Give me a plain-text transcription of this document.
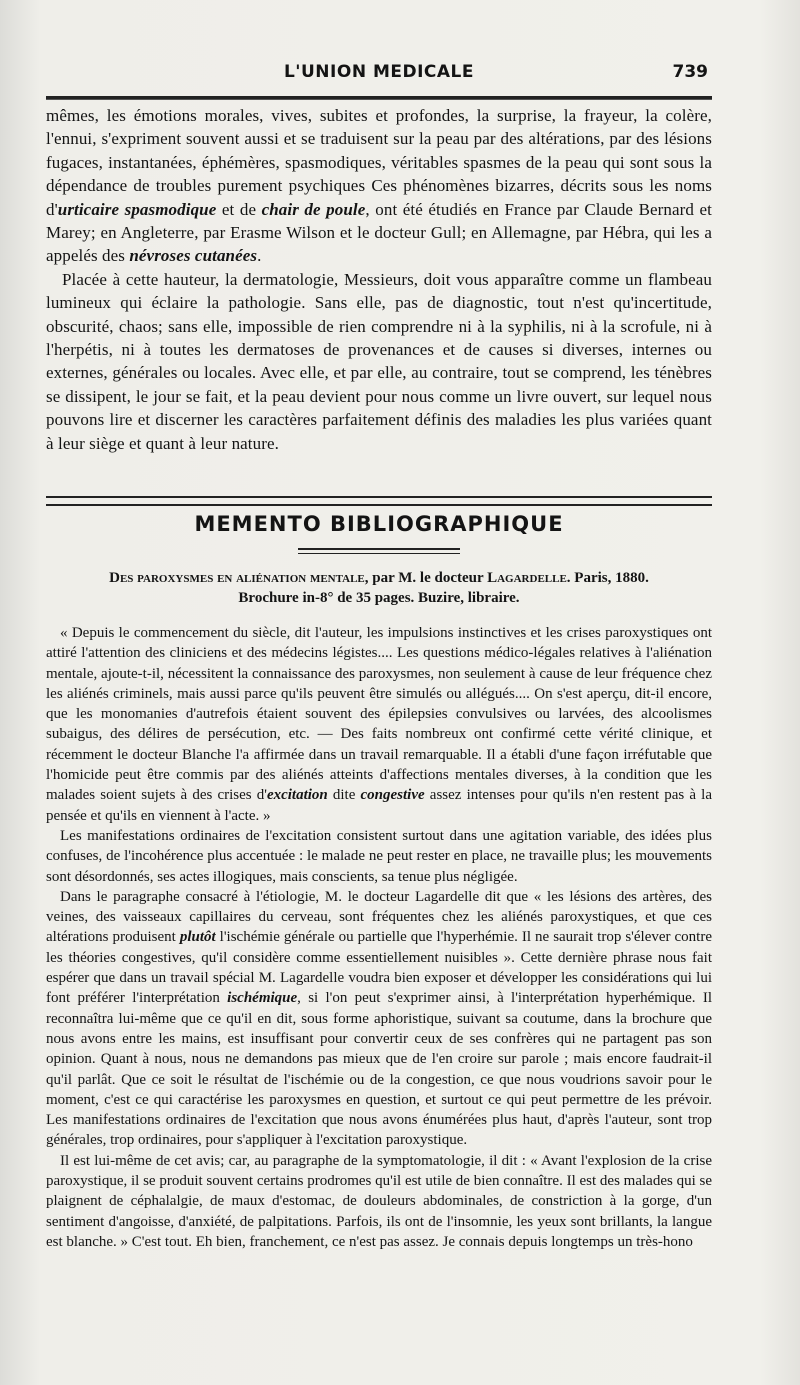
L'UNION MEDICALE	739

mêmes, les émotions morales, vives, subites et profondes, la surprise, la frayeur, la colère, l'ennui, s'expriment souvent aussi et se traduisent sur la peau par des altérations, par des lésions fugaces, instantanées, éphémères, spasmodiques, véritables spasmes de la peau qui sont sous la dépendance de troubles purement psychiques Ces phénomènes bizarres, décrits sous les noms d'urticaire spasmodique et de chair de poule, ont été étudiés en France par Claude Bernard et Marey; en Angleterre, par Erasme Wilson et le docteur Gull; en Allemagne, par Hébra, qui les a appelés des névroses cutanées.

Placée à cette hauteur, la dermatologie, Messieurs, doit vous apparaître comme un flambeau lumineux qui éclaire la pathologie. Sans elle, pas de diagnostic, tout n'est qu'incertitude, obscurité, chaos; sans elle, impossible de rien comprendre ni à la syphilis, ni à la scrofule, ni à l'herpétis, ni à toutes les dermatoses de provenances et de causes si diverses, internes ou externes, générales ou locales. Avec elle, et par elle, au contraire, tout se comprend, les ténèbres se dissipent, le jour se fait, et la peau devient pour nous comme un livre ouvert, sur lequel nous pouvons lire et discerner les caractères parfaitement définis des maladies les plus variées quant à leur siège et quant à leur nature.

MEMENTO BIBLIOGRAPHIQUE
Des paroxysmes en aliénation mentale, par M. le docteur Lagardelle. Paris, 1880.
Brochure in-8° de 35 pages. Buzire, libraire.

« Depuis le commencement du siècle, dit l'auteur, les impulsions instinctives et les crises paroxystiques ont attiré l'attention des cliniciens et des médecins légistes.... Les questions médico-légales relatives à l'aliénation mentale, ajoute-t-il, nécessitent la connaissance des paroxysmes, non seulement à cause de leur fréquence chez les aliénés criminels, mais aussi parce qu'ils peuvent être simulés ou allégués.... On s'est aperçu, dit-il encore, que les monomanies d'autrefois étaient souvent des épilepsies convulsives ou larvées, des alcoolismes subaigus, des délires de persécution, etc. — Des faits nombreux ont confirmé cette vérité clinique, et récemment le docteur Blanche l'a affirmée dans un travail remarquable. Il a établi d'une façon irréfutable que l'homicide peut être commis par des aliénés atteints d'affections mentales diverses, à la condition que les malades soient sujets à des crises d'excitation dite congestive assez intenses pour qu'ils n'en restent pas à la pensée et qu'ils en viennent à l'acte. »

Les manifestations ordinaires de l'excitation consistent surtout dans une agitation variable, des idées plus confuses, de l'incohérence plus accentuée : le malade ne peut rester en place, ne travaille plus; les mouvements sont désordonnés, ses actes illogiques, mais conscients, sa tenue plus négligée.

Dans le paragraphe consacré à l'étiologie, M. le docteur Lagardelle dit que « les lésions des artères, des veines, des vaisseaux capillaires du cerveau, sont fréquentes chez les aliénés paroxystiques, et que ces altérations produisent plutôt l'ischémie générale ou partielle que l'hyperhémie. Il ne saurait trop s'élever contre les théories congestives, qu'il considère comme essentiellement nuisibles ». Cette dernière phrase nous fait espérer que dans un travail spécial M. Lagardelle voudra bien exposer et développer les considérations qui lui font préférer l'interprétation ischémique, si l'on peut s'exprimer ainsi, à l'interprétation hyperhémique. Il reconnaîtra lui-même que ce qu'il en dit, sous forme aphoristique, suivant sa coutume, dans la brochure que nous avons entre les mains, est insuffisant pour convertir ceux de ses confrères qui ne partagent pas son opinion. Quant à nous, nous ne demandons pas mieux que de l'en croire sur parole ; mais encore faudrait-il qu'il parlât. Que ce soit le résultat de l'ischémie ou de la congestion, ce que nous voudrions savoir pour le moment, c'est ce qui caractérise les paroxysmes en question, et surtout ce qui peut permettre de les prévoir. Les manifestations ordinaires de l'excitation que nous avons énumérées plus haut, d'après l'auteur, sont trop générales, trop ordinaires, pour s'appliquer à l'excitation paroxystique.

Il est lui-même de cet avis; car, au paragraphe de la symptomatologie, il dit : « Avant l'explosion de la crise paroxystique, il se produit souvent certains prodromes qu'il est utile de bien connaître. Il est des malades qui se plaignent de céphalalgie, de maux d'estomac, de douleurs abdominales, de constriction à la gorge, d'un sentiment d'angoisse, d'anxiété, de palpitations. Parfois, ils ont de l'insomnie, les yeux sont brillants, la langue est blanche. » C'est tout. Eh bien, franchement, ce n'est pas assez. Je connais depuis longtemps un très-hono
